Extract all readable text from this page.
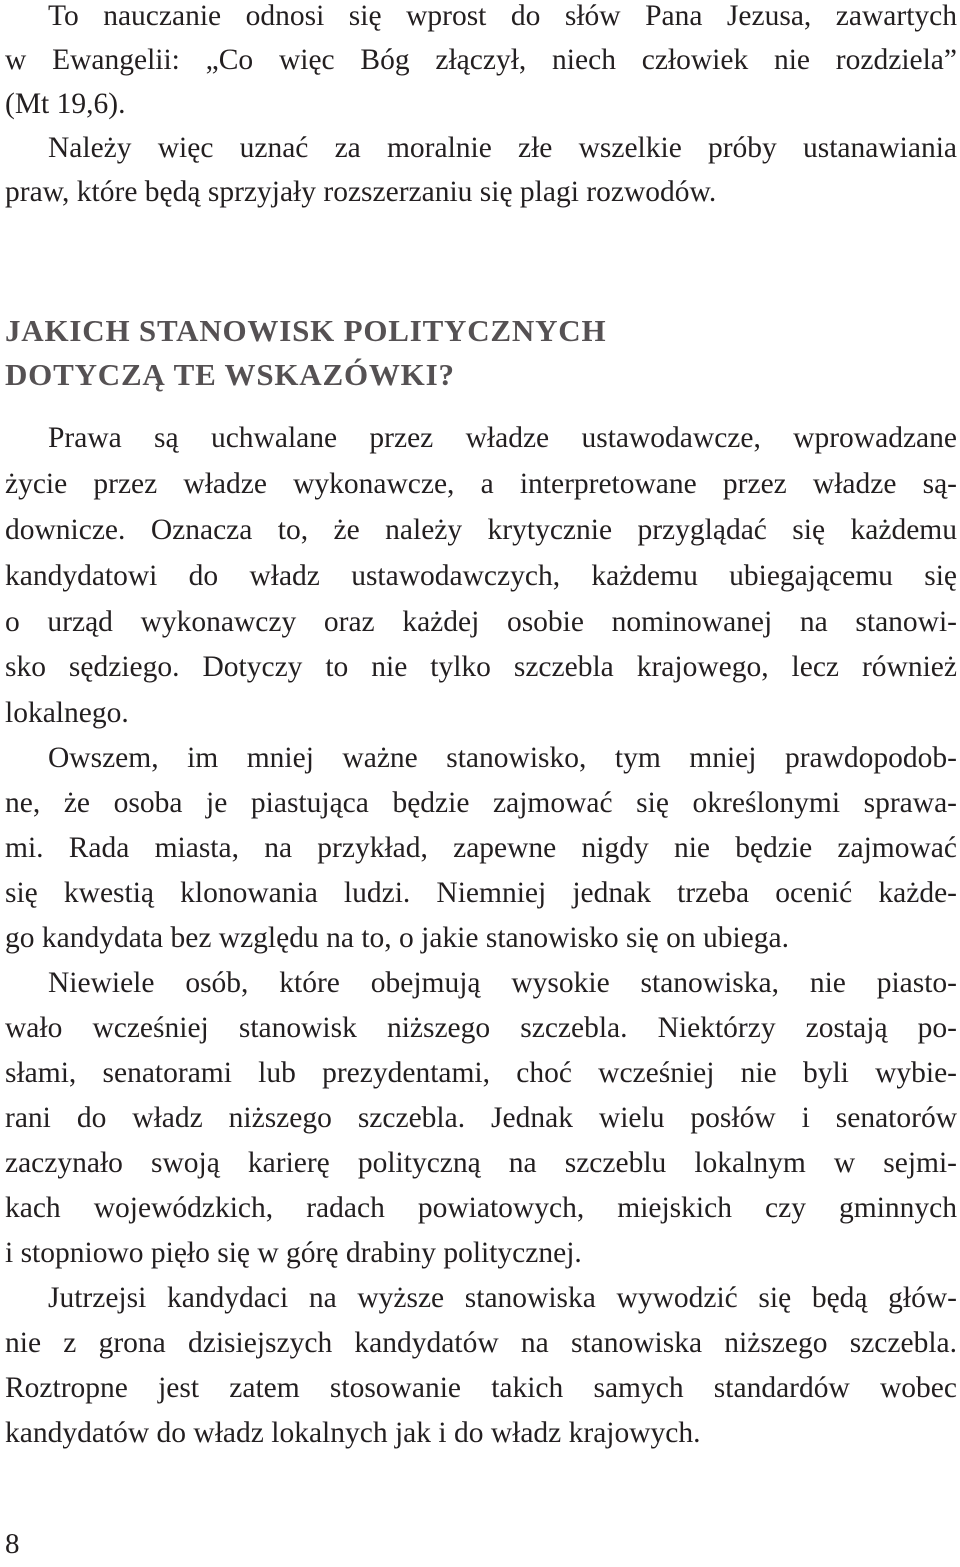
To nauczanie odnosi się wprost do słów Pana Jezusa, zawartych

w Ewangelii: „Co więc Bóg złączył, niech człowiek nie rozdziela”

(Mt 19,6).

Należy więc uznać za moralnie złe wszelkie próby ustanawiania

praw, które będą sprzyjały rozszerzaniu się plagi rozwodów.

JAKICH STANOWISK POLITYCZNYCH
DOTYCZĄ TE WSKAZÓWKI?

Prawa są uchwalane przez władze ustawodawcze, wprowadzane

życie przez władze wykonawcze, a interpretowane przez władze są-

downicze. Oznacza to, że należy krytycznie przyglądać się każdemu

kandydatowi do władz ustawodawczych, każdemu ubiegającemu się

o urząd wykonawczy oraz każdej osobie nominowanej na stanowi-

sko sędziego. Dotyczy to nie tylko szczebla krajowego, lecz również

lokalnego.

Owszem, im mniej ważne stanowisko, tym mniej prawdopodob-

ne, że osoba je piastująca będzie zajmować się określonymi sprawa-

mi. Rada miasta, na przykład, zapewne nigdy nie będzie zajmować

się kwestią klonowania ludzi. Niemniej jednak trzeba ocenić każde-

go kandydata bez względu na to, o jakie stanowisko się on ubiega.

Niewiele osób, które obejmują wysokie stanowiska, nie piasto-

wało wcześniej stanowisk niższego szczebla. Niektórzy zostają po-

słami, senatorami lub prezydentami, choć wcześniej nie byli wybie-

rani do władz niższego szczebla. Jednak wielu posłów i senatorów

zaczynało swoją karierę polityczną na szczeblu lokalnym w sejmi-

kach wojewódzkich, radach powiatowych, miejskich czy gminnych

i stopniowo pięło się w górę drabiny politycznej.

Jutrzejsi kandydaci na wyższe stanowiska wywodzić się będą głów-

nie z grona dzisiejszych kandydatów na stanowiska niższego szczebla.

Roztropne jest zatem stosowanie takich samych standardów wobec

kandydatów do władz lokalnych jak i do władz krajowych.

8
